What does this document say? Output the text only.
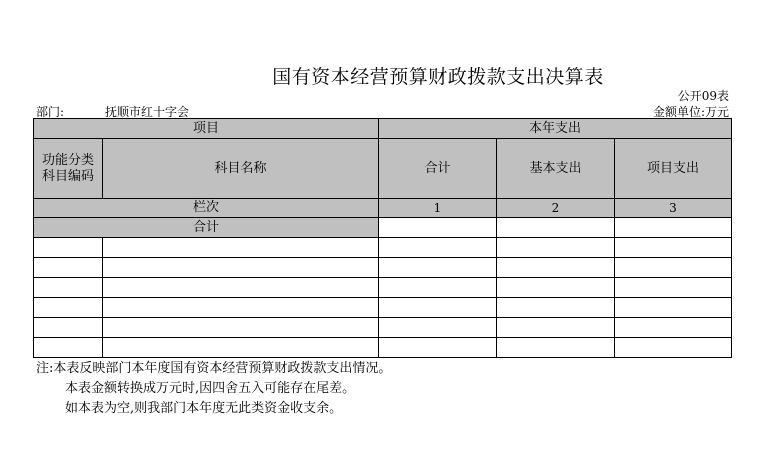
国有资本经营预算财政拨款支出决算表
公开09表
部门:	抚顺市红十字会	金额单位:万元
项目		本年支出		
功能分类
科目编码	科目名称	合计	基本支出	项目支出
栏次		1	2	3
合计				

注:本表反映部门本年度国有资本经营预算财政拨款支出情况。
本表金额转换成万元时,因四舍五入可能存在尾差。
如本表为空,则我部门本年度无此类资金收支余。
